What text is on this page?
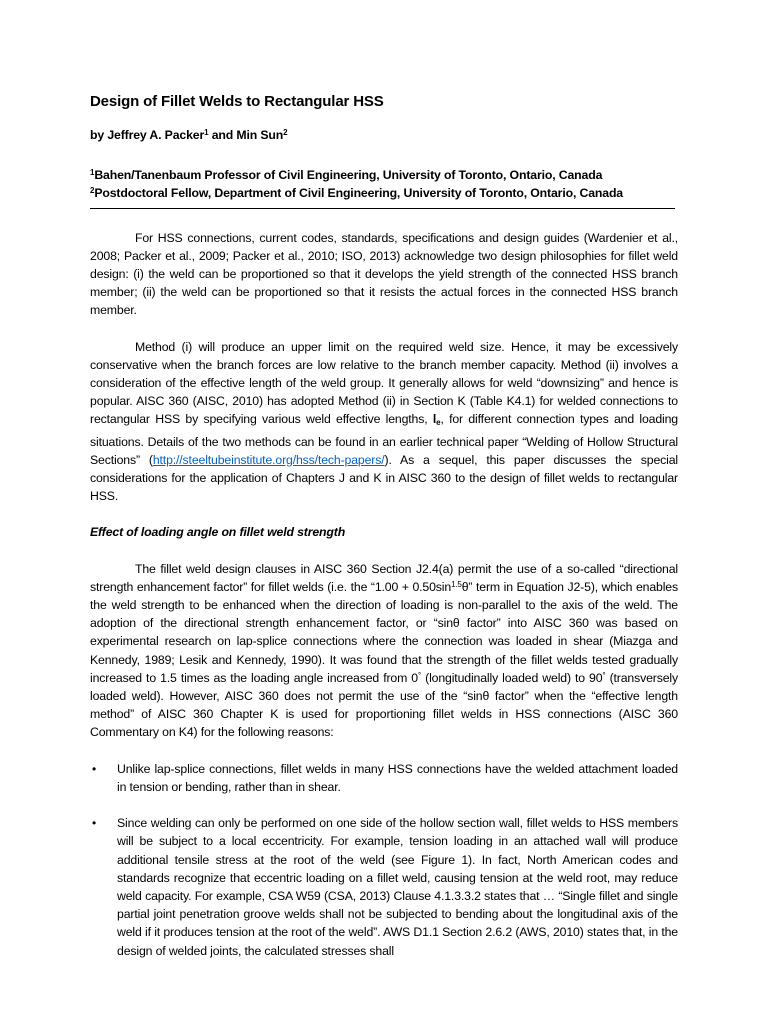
Design of Fillet Welds to Rectangular HSS

by Jeffrey A. Packer$^1$ and Min Sun$^2$

$^1$Bahen/Tanenbaum Professor of Civil Engineering, University of Toronto, Ontario, Canada

$^2$Postdoctoral Fellow, Department of Civil Engineering, University of Toronto, Ontario, Canada

For HSS connections, current codes, standards, specifications and design guides (Wardenier et al., 2008; Packer et al., 2009; Packer et al., 2010; ISO, 2013) acknowledge two design philosophies for fillet weld design: (i) the weld can be proportioned so that it develops the yield strength of the connected HSS branch member; (ii) the weld can be proportioned so that it resists the actual forces in the connected HSS branch member.

Method (i) will produce an upper limit on the required weld size. Hence, it may be excessively conservative when the branch forces are low relative to the branch member capacity. Method (ii) involves a consideration of the effective length of the weld group. It generally allows for weld “downsizing” and hence is popular. AISC 360 (AISC, 2010) has adopted Method (ii) in Section K (Table K4.1) for welded connections to rectangular HSS by specifying various weld effective lengths, $l_e$, for different connection types and loading situations. Details of the two methods can be found in an earlier technical paper “Welding of Hollow Structural Sections” (http://steeltubeinstitute.org/hss/tech-papers/). As a sequel, this paper discusses the special considerations for the application of Chapters J and K in AISC 360 to the design of fillet welds to rectangular HSS.

Effect of loading angle on fillet weld strength

The fillet weld design clauses in AISC 360 Section J2.4(a) permit the use of a so-called “directional strength enhancement factor” for fillet welds (i.e. the “$1.00 + 0.50\sin^{1.5}\theta$” term in Equation J2-5), which enables the weld strength to be enhanced when the direction of loading is non-parallel to the axis of the weld. The adoption of the directional strength enhancement factor, or “sinθ factor” into AISC 360 was based on experimental research on lap-splice connections where the connection was loaded in shear (Miazga and Kennedy, 1989; Lesik and Kennedy, 1990). It was found that the strength of the fillet welds tested gradually increased to 1.5 times as the loading angle increased from 0° (longitudinally loaded weld) to 90° (transversely loaded weld). However, AISC 360 does not permit the use of the “sinθ factor” when the “effective length method” of AISC 360 Chapter K is used for proportioning fillet welds in HSS connections (AISC 360 Commentary on K4) for the following reasons:

• Unlike lap-splice connections, fillet welds in many HSS connections have the welded attachment loaded in tension or bending, rather than in shear.
• Since welding can only be performed on one side of the hollow section wall, fillet welds to HSS members will be subject to a local eccentricity. For example, tension loading in an attached wall will produce additional tensile stress at the root of the weld (see Figure 1). In fact, North American codes and standards recognize that eccentric loading on a fillet weld, causing tension at the weld root, may reduce weld capacity. For example, CSA W59 (CSA, 2013) Clause 4.1.3.3.2 states that … “Single fillet and single partial joint penetration groove welds shall not be subjected to bending about the longitudinal axis of the weld if it produces tension at the root of the weld”. AWS D1.1 Section 2.6.2 (AWS, 2010) states that, in the design of welded joints, the calculated stresses shall
